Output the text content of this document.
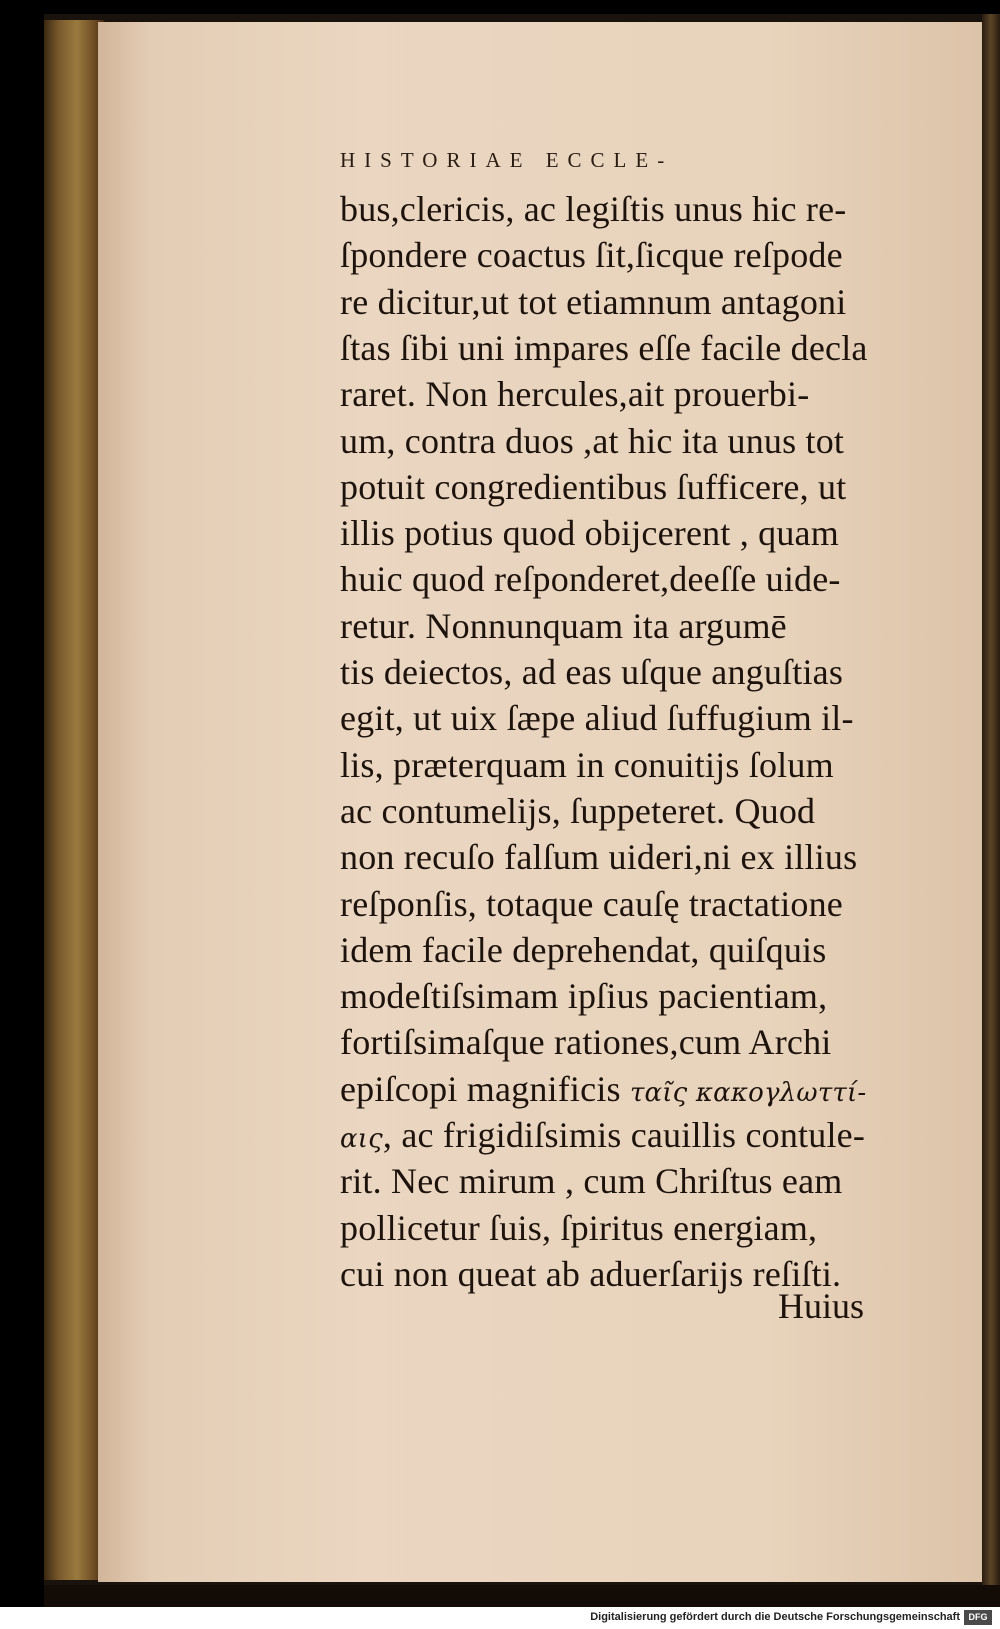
HISTORIAE ECCLE-
bus,clericis, ac legiſtis unus hic re-
ſpondere coactus ſit,ſicque reſpode
re dicitur,ut tot etiamnum antagoni
ſtas ſibi uni impares eſſe facile decla
raret. Non hercules,ait prouerbi-
um, contra duos ,at hic ita unus tot
potuit congredientibus ſufficere, ut
illis potius quod obijcerent , quam
huic quod reſponderet,deeſſe uide-
retur. Nonnunquam ita argumē
tis deiectos, ad eas uſque anguſtias
egit, ut uix ſæpe aliud ſuffugium il-
lis, præterquam in conuitijs ſolum
ac contumelijs, ſuppeteret. Quod
non recuſo falſum uideri,ni ex illius
reſponſis, totaque cauſę tractatione
idem facile deprehendat, quiſquis
modeſtiſsimam ipſius pacientiam,
fortiſsimaſque rationes,cum Archi
epiſcopi magnificis ταῖς κακογλωττί-
αις, ac frigidiſsimis cauillis contule-
rit. Nec mirum , cum Chriſtus eam
pollicetur ſuis, ſpiritus energiam,
cui non queat ab aduerſarijs reſiſti.
Huius
Digitalisierung gefördert durch die Deutsche Forschungsgemeinschaft DFG
